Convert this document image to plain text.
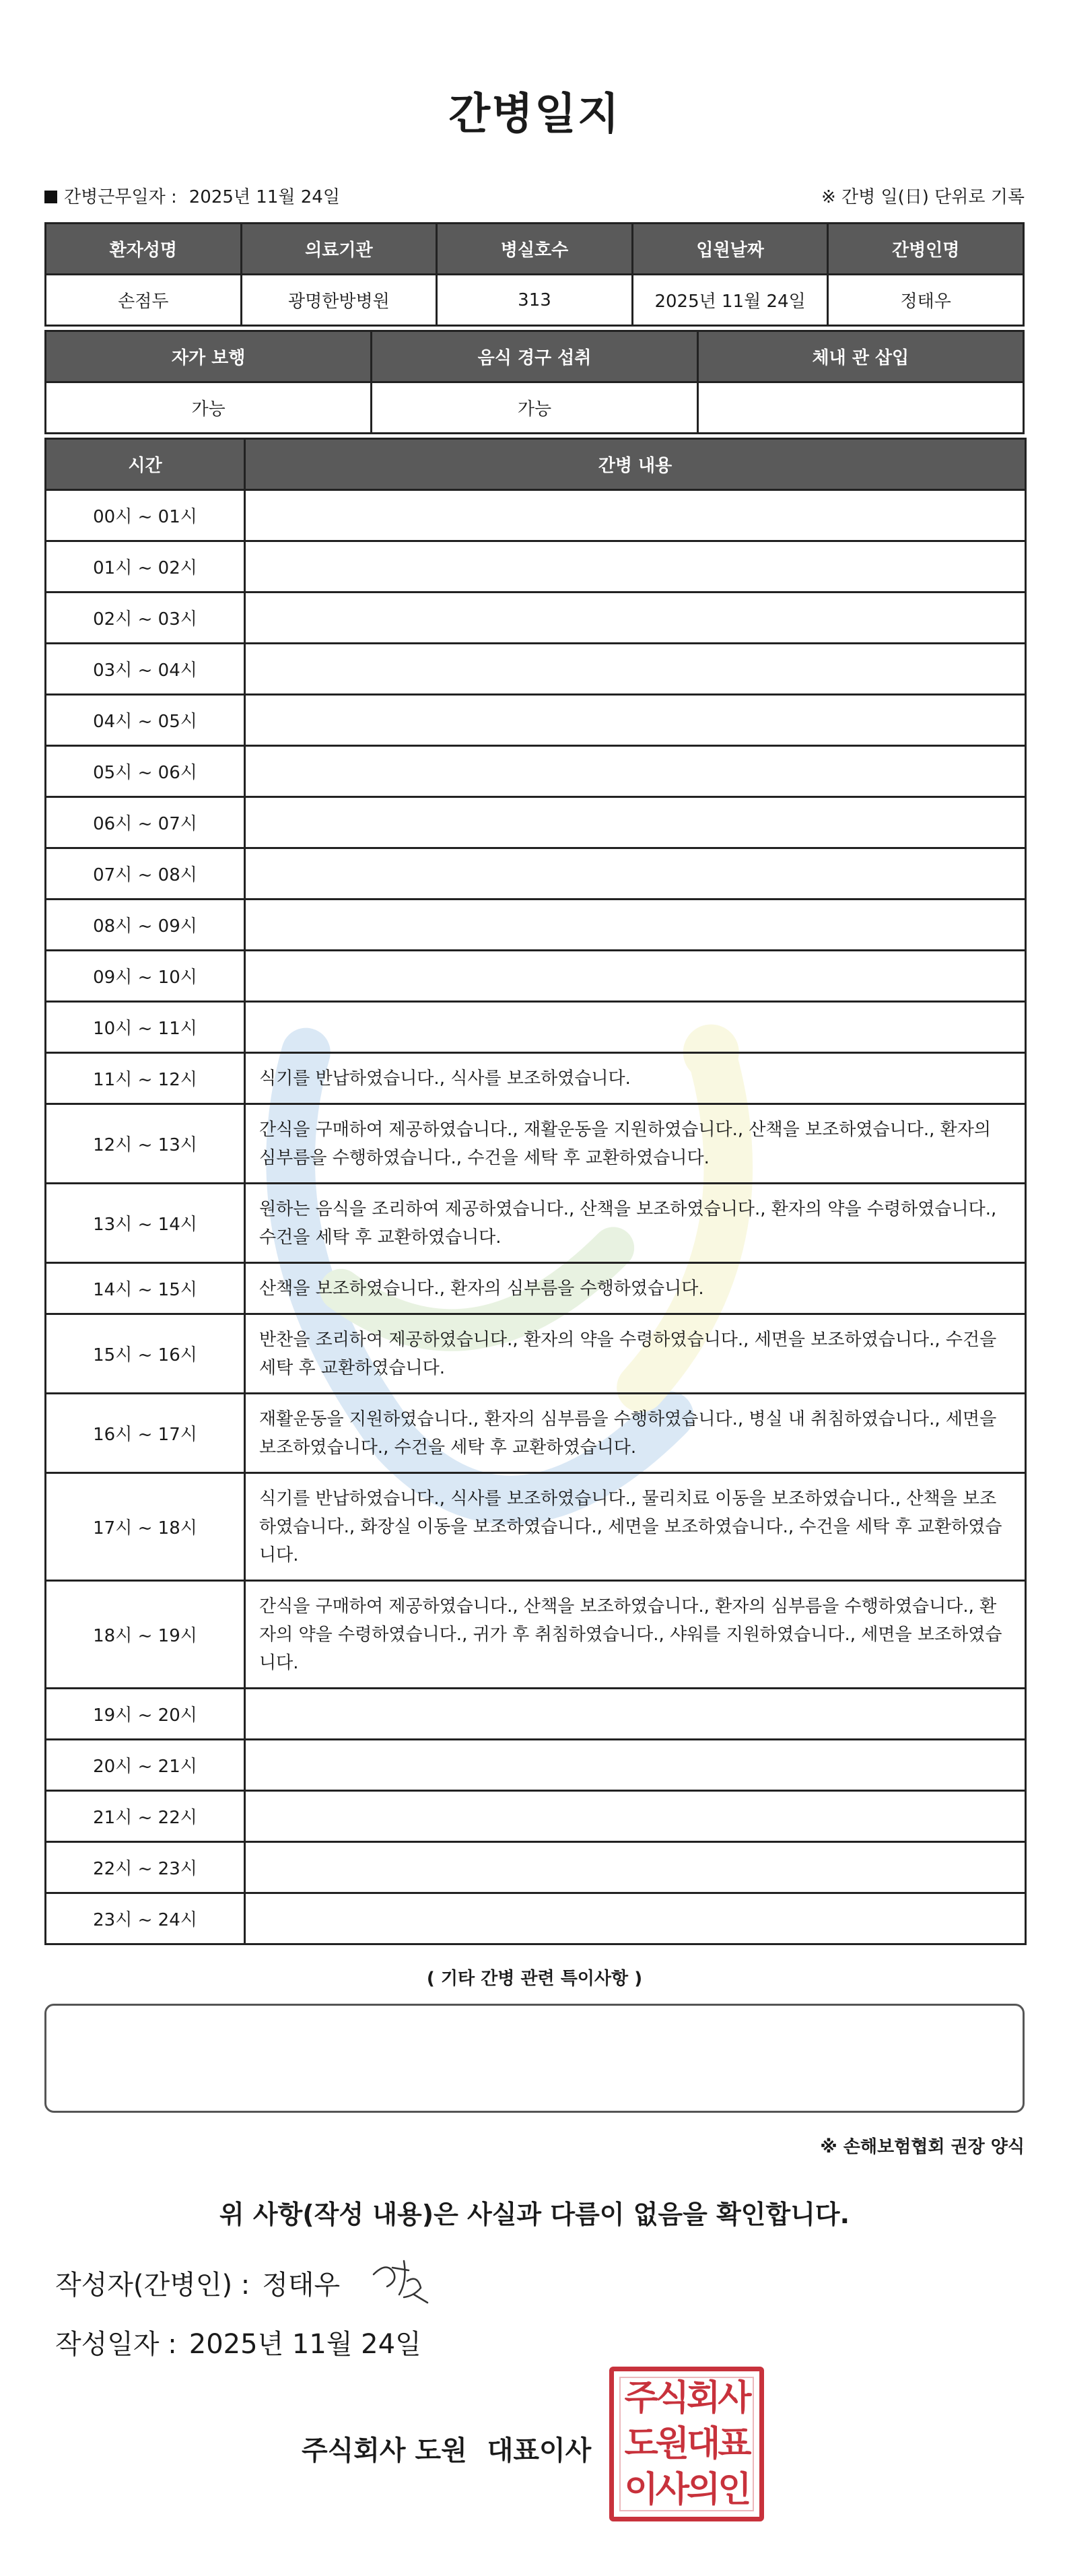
간병일지
간병근무일자 : 2025년 11월 24일	※ 간병 일(日) 단위로 기록
환자성명	의료기관	병실호수	입원날짜	간병인명
손점두	광명한방병원	313	2025년 11월 24일	정태우
자가 보행	음식 경구 섭취	체내 관 삽입
가능	가능	
시간	간병 내용
00시 ~ 01시	
01시 ~ 02시	
02시 ~ 03시	
03시 ~ 04시	
04시 ~ 05시	
05시 ~ 06시	
06시 ~ 07시	
07시 ~ 08시	
08시 ~ 09시	
09시 ~ 10시	
10시 ~ 11시	
11시 ~ 12시	식기를 반납하였습니다., 식사를 보조하였습니다.
12시 ~ 13시	간식을 구매하여 제공하였습니다., 재활운동을 지원하였습니다., 산책을 보조하였습니다., 환자의 심부름을 수행하였습니다., 수건을 세탁 후 교환하였습니다.
13시 ~ 14시	원하는 음식을 조리하여 제공하였습니다., 산책을 보조하였습니다., 환자의 약을 수령하였습니다., 수건을 세탁 후 교환하였습니다.
14시 ~ 15시	산책을 보조하였습니다., 환자의 심부름을 수행하였습니다.
15시 ~ 16시	반찬을 조리하여 제공하였습니다., 환자의 약을 수령하였습니다., 세면을 보조하였습니다., 수건을 세탁 후 교환하였습니다.
16시 ~ 17시	재활운동을 지원하였습니다., 환자의 심부름을 수행하였습니다., 병실 내 취침하였습니다., 세면을 보조하였습니다., 수건을 세탁 후 교환하였습니다.
17시 ~ 18시	식기를 반납하였습니다., 식사를 보조하였습니다., 물리치료 이동을 보조하였습니다., 산책을 보조하였습니다., 화장실 이동을 보조하였습니다., 세면을 보조하였습니다., 수건을 세탁 후 교환하였습니다.
18시 ~ 19시	간식을 구매하여 제공하였습니다., 산책을 보조하였습니다., 환자의 심부름을 수행하였습니다., 환자의 약을 수령하였습니다., 귀가 후 취침하였습니다., 샤워를 지원하였습니다., 세면을 보조하였습니다.
19시 ~ 20시	
20시 ~ 21시	
21시 ~ 22시	
22시 ~ 23시	
23시 ~ 24시	
( 기타 간병 관련 특이사항 )
※ 손해보험협회 권장 양식
위 사항(작성 내용)은 사실과 다름이 없음을 확인합니다.
작성자(간병인) : 정태우
작성일자 : 2025년 11월 24일
주식회사 도원 대표이사
주식회사
도원대표
이사의인
